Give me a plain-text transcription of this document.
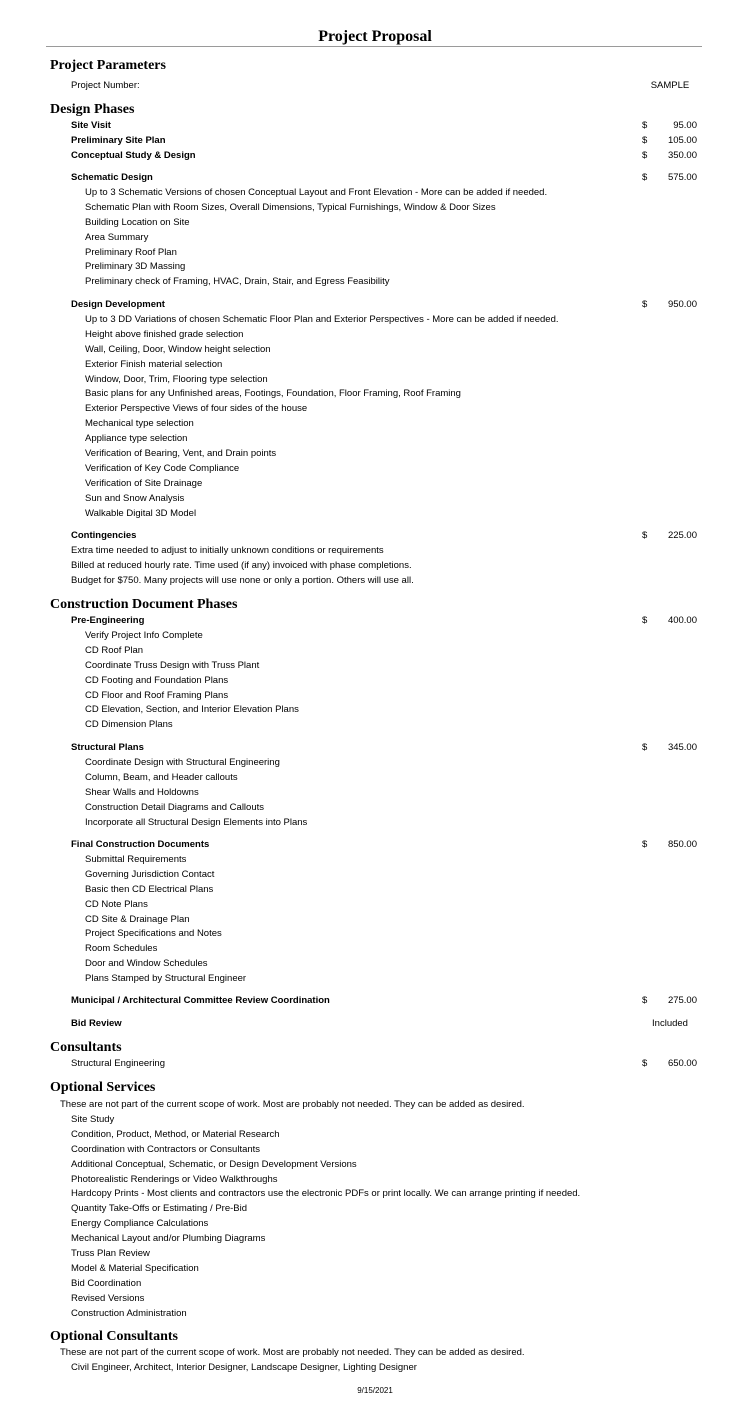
Project Proposal
Project Parameters
Project Number:	SAMPLE
Design Phases
Site Visit	$	95.00
Preliminary Site Plan	$ 105.00
Conceptual Study & Design	$ 350.00
Schematic Design	$ 575.00
Up to 3 Schematic Versions of chosen Conceptual Layout and Front Elevation - More can be added if needed.
Schematic Plan with Room Sizes, Overall Dimensions, Typical Furnishings, Window & Door Sizes
Building Location on Site
Area Summary
Preliminary Roof Plan
Preliminary 3D Massing
Preliminary check of Framing, HVAC, Drain, Stair, and Egress Feasibility
Design Development	$ 950.00
Up to 3 DD Variations of chosen Schematic Floor Plan and Exterior Perspectives - More can be added if needed.
Height above finished grade selection
Wall, Ceiling, Door, Window height selection
Exterior Finish material selection
Window, Door, Trim, Flooring type selection
Basic plans for any Unfinished areas, Footings, Foundation, Floor Framing, Roof Framing
Exterior Perspective Views of four sides of the house
Mechanical type selection
Appliance type selection
Verification of Bearing, Vent, and Drain points
Verification of Key Code Compliance
Verification of Site Drainage
Sun and Snow Analysis
Walkable Digital 3D Model
Contingencies	$ 225.00
Extra time needed to adjust to initially unknown conditions or requirements
Billed at reduced hourly rate. Time used (if any) invoiced with phase completions.
Budget for $750. Many projects will use none or only a portion. Others will use all.
Construction Document Phases
Pre-Engineering	$ 400.00
Verify Project Info Complete
CD Roof Plan
Coordinate Truss Design with Truss Plant
CD Footing and Foundation Plans
CD Floor and Roof Framing Plans
CD Elevation, Section, and Interior Elevation Plans
CD Dimension Plans
Structural Plans	$ 345.00
Coordinate Design with Structural Engineering
Column, Beam, and Header callouts
Shear Walls and Holdowns
Construction Detail Diagrams and Callouts
Incorporate all Structural Design Elements into Plans
Final Construction Documents	$ 850.00
Submittal Requirements
Governing Jurisdiction Contact
Basic then CD Electrical Plans
CD Note Plans
CD Site & Drainage Plan
Project Specifications and Notes
Room Schedules
Door and Window Schedules
Plans Stamped by Structural Engineer
Municipal / Architectural Committee Review Coordination	$ 275.00
Bid Review	Included
Consultants
Structural Engineering	$ 650.00
Optional Services
These are not part of the current scope of work. Most are probably not needed. They can be added as desired.
Site Study
Condition, Product, Method, or Material Research
Coordination with Contractors or Consultants
Additional Conceptual, Schematic, or Design Development Versions
Photorealistic Renderings or Video Walkthroughs
Hardcopy Prints - Most clients and contractors use the electronic PDFs or print locally. We can arrange printing if needed.
Quantity Take-Offs or Estimating / Pre-Bid
Energy Compliance Calculations
Mechanical Layout and/or Plumbing Diagrams
Truss Plan Review
Model & Material Specification
Bid Coordination
Revised Versions
Construction Administration
Optional Consultants
These are not part of the current scope of work. Most are probably not needed. They can be added as desired.
Civil Engineer, Architect, Interior Designer, Landscape Designer, Lighting Designer
9/15/2021
